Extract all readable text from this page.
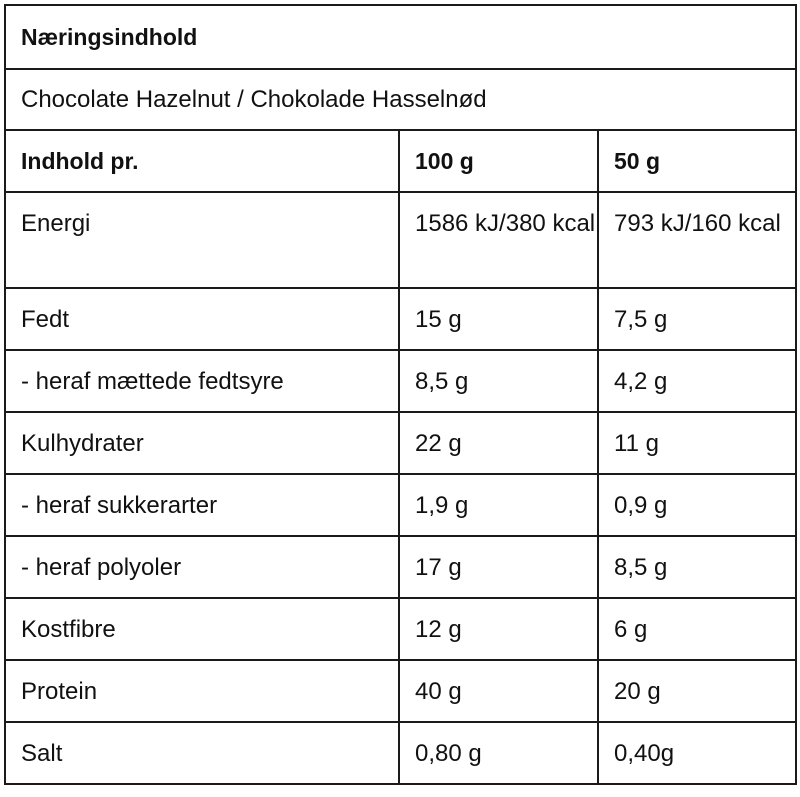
Næringsindhold		
Chocolate Hazelnut / Chokolade Hasselnød		
Indhold pr.	100 g	50 g
Energi	1586 kJ/380 kcal	793 kJ/160 kcal
Fedt	15 g	7,5 g
- heraf mættede fedtsyre	8,5 g	4,2 g
Kulhydrater	22 g	11 g
- heraf sukkerarter	1,9 g	0,9 g
- heraf polyoler	17 g	8,5 g
Kostfibre	12 g	6 g
Protein	40 g	20 g
Salt	0,80 g	0,40g
